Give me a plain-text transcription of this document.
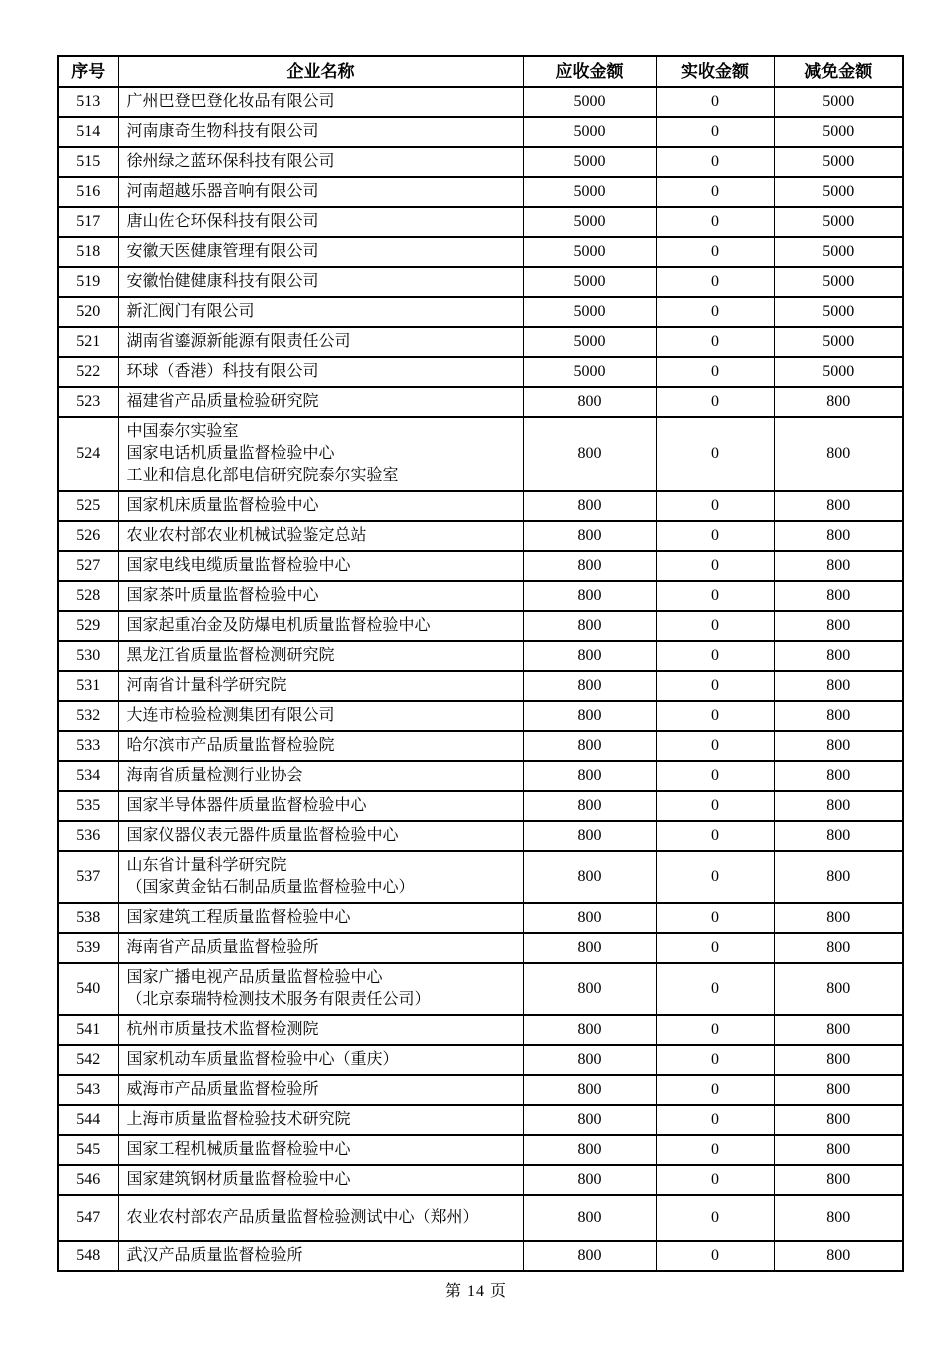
序号	企业名称	应收金额	实收金额	减免金额
513	广州巴登巴登化妆品有限公司	5000	0	5000
514	河南康奇生物科技有限公司	5000	0	5000
515	徐州绿之蓝环保科技有限公司	5000	0	5000
516	河南超越乐器音响有限公司	5000	0	5000
517	唐山佐仑环保科技有限公司	5000	0	5000
518	安徽天医健康管理有限公司	5000	0	5000
519	安徽怡健健康科技有限公司	5000	0	5000
520	新汇阀门有限公司	5000	0	5000
521	湖南省鎏源新能源有限责任公司	5000	0	5000
522	环球（香港）科技有限公司	5000	0	5000
523	福建省产品质量检验研究院	800	0	800
524	中国泰尔实验室
国家电话机质量监督检验中心
工业和信息化部电信研究院泰尔实验室	800	0	800
525	国家机床质量监督检验中心	800	0	800
526	农业农村部农业机械试验鉴定总站	800	0	800
527	国家电线电缆质量监督检验中心	800	0	800
528	国家茶叶质量监督检验中心	800	0	800
529	国家起重冶金及防爆电机质量监督检验中心	800	0	800
530	黑龙江省质量监督检测研究院	800	0	800
531	河南省计量科学研究院	800	0	800
532	大连市检验检测集团有限公司	800	0	800
533	哈尔滨市产品质量监督检验院	800	0	800
534	海南省质量检测行业协会	800	0	800
535	国家半导体器件质量监督检验中心	800	0	800
536	国家仪器仪表元器件质量监督检验中心	800	0	800
537	山东省计量科学研究院
（国家黄金钻石制品质量监督检验中心）	800	0	800
538	国家建筑工程质量监督检验中心	800	0	800
539	海南省产品质量监督检验所	800	0	800
540	国家广播电视产品质量监督检验中心
（北京泰瑞特检测技术服务有限责任公司）	800	0	800
541	杭州市质量技术监督检测院	800	0	800
542	国家机动车质量监督检验中心（重庆）	800	0	800
543	威海市产品质量监督检验所	800	0	800
544	上海市质量监督检验技术研究院	800	0	800
545	国家工程机械质量监督检验中心	800	0	800
546	国家建筑钢材质量监督检验中心	800	0	800
547	农业农村部农产品质量监督检验测试中心（郑州）	800	0	800
548	武汉产品质量监督检验所	800	0	800
第 14 页
